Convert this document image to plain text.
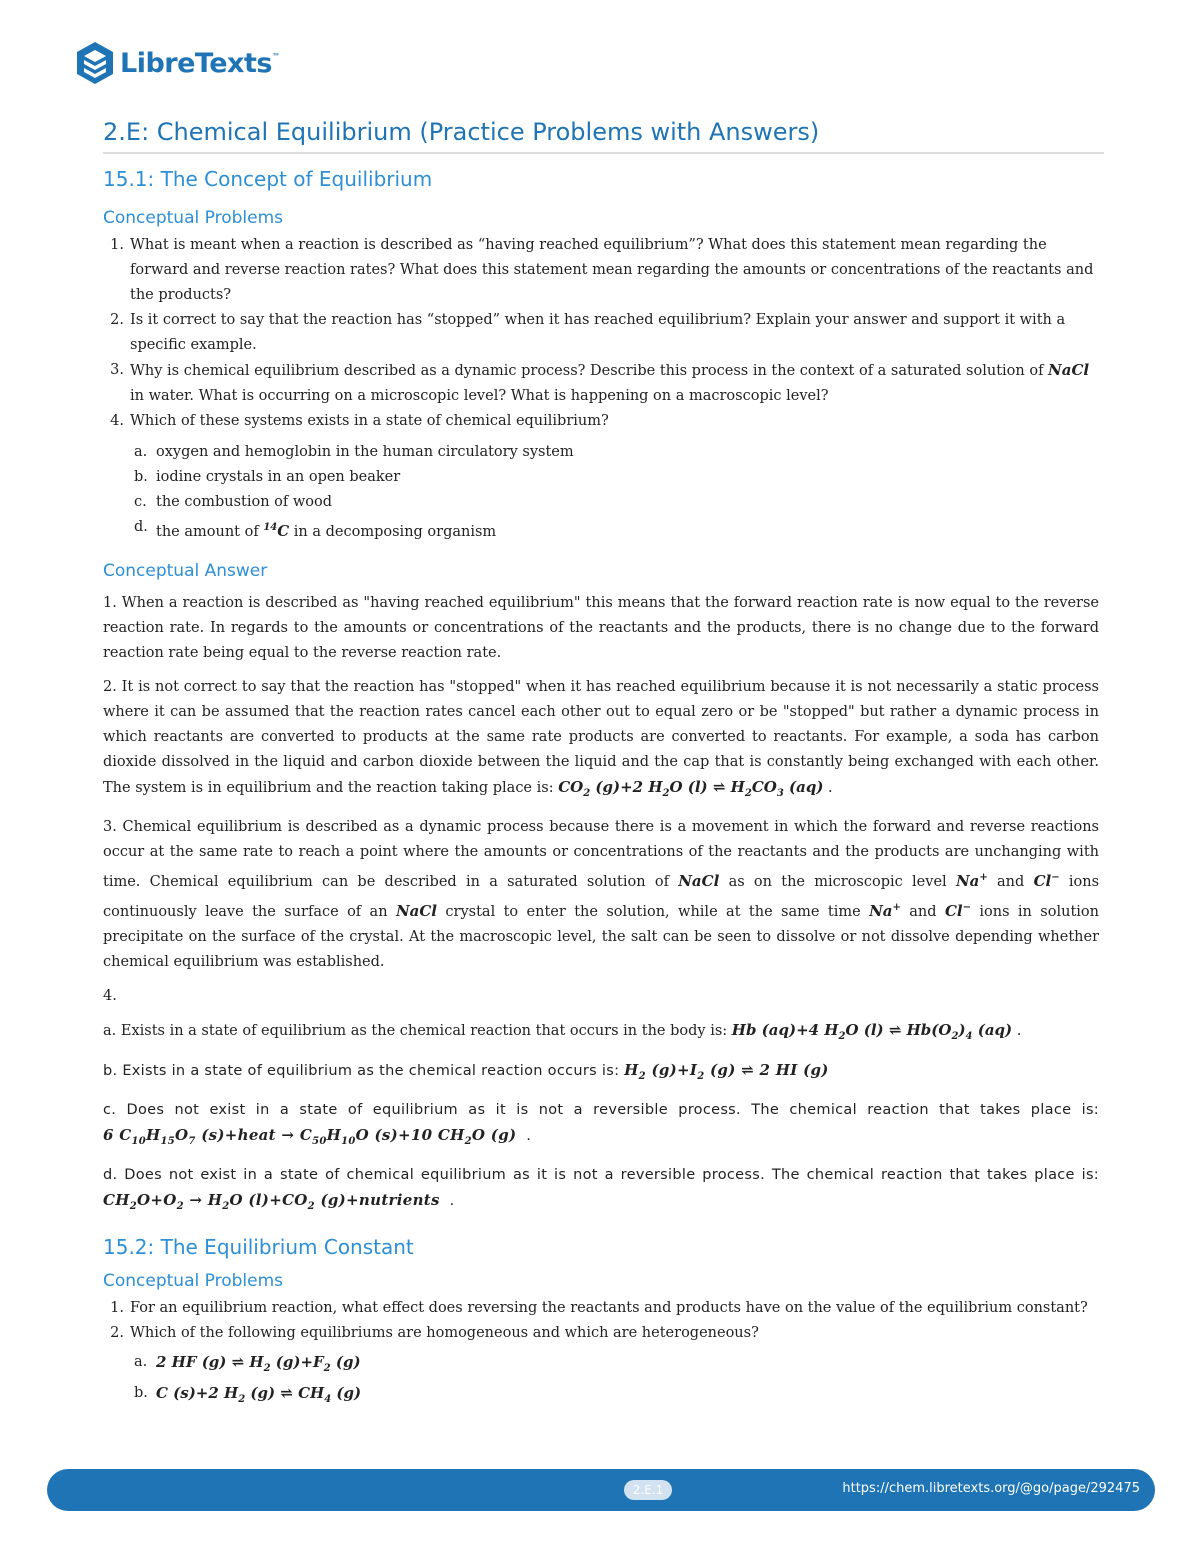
LibreTexts™
2.E: Chemical Equilibrium (Practice Problems with Answers)
15.1: The Concept of Equilibrium
Conceptual Problems
1. What is meant when a reaction is described as “having reached equilibrium”? What does this statement mean regarding the forward and reverse reaction rates? What does this statement mean regarding the amounts or concentrations of the reactants and the products?
2. Is it correct to say that the reaction has “stopped” when it has reached equilibrium? Explain your answer and support it with a specific example.
3. Why is chemical equilibrium described as a dynamic process? Describe this process in the context of a saturated solution of NaCl in water. What is occurring on a microscopic level? What is happening on a macroscopic level?
4. Which of these systems exists in a state of chemical equilibrium?
a. oxygen and hemoglobin in the human circulatory system
b. iodine crystals in an open beaker
c. the combustion of wood
d. the amount of $^{14}$C in a decomposing organism
Conceptual Answer

1. When a reaction is described as "having reached equilibrium" this means that the forward reaction rate is now equal to the reverse reaction rate. In regards to the amounts or concentrations of the reactants and the products, there is no change due to the forward reaction rate being equal to the reverse reaction rate.

2. It is not correct to say that the reaction has "stopped" when it has reached equilibrium because it is not necessarily a static process where it can be assumed that the reaction rates cancel each other out to equal zero or be "stopped" but rather a dynamic process in which reactants are converted to products at the same rate products are converted to reactants. For example, a soda has carbon dioxide dissolved in the liquid and carbon dioxide between the liquid and the cap that is constantly being exchanged with each other. The system is in equilibrium and the reaction taking place is: $CO_2$ (g)+2 $H_2O$ (l) ⇌ $H_2CO_3$ (aq) .

3. Chemical equilibrium is described as a dynamic process because there is a movement in which the forward and reverse reactions occur at the same rate to reach a point where the amounts or concentrations of the reactants and the products are unchanging with time. Chemical equilibrium can be described in a saturated solution of NaCl as on the microscopic level Na+ and Cl− ions continuously leave the surface of an NaCl crystal to enter the solution, while at the same time Na+ and Cl− ions in solution precipitate on the surface of the crystal. At the macroscopic level, the salt can be seen to dissolve or not dissolve depending whether chemical equilibrium was established.

4.

a. Exists in a state of equilibrium as the chemical reaction that occurs in the body is: Hb (aq)+4 $H_2O$ (l) ⇌ $Hb(O_2)_4$ (aq) .

b. Exists in a state of equilibrium as the chemical reaction occurs is: $H_2$ $(g)+I_2$ (g) ⇌ 2 HI (g)

c. Does not exist in a state of equilibrium as it is not a reversible process. The chemical reaction that takes place is: 6 $C_{10}H_{15}O_7$ (s)+heat → $C_{50}H_{10}O$ (s)+10 $CH_2O$ (g)  .

d. Does not exist in a state of chemical equilibrium as it is not a reversible process. The chemical reaction that takes place is: $CH_2O+O_2 \to H_2O$ $(l)+CO_2$ (g)+nutrients  .

15.2: The Equilibrium Constant
Conceptual Problems
1. For an equilibrium reaction, what effect does reversing the reactants and products have on the value of the equilibrium constant?
2. Which of the following equilibriums are homogeneous and which are heterogeneous?
a. 2 HF (g) ⇌ $H_2$ $(g)+F_2$ (g)
b. C (s)+2 $H_2$ (g) ⇌ $CH_4$ (g)
2.E.1	https://chem.libretexts.org/@go/page/292475
